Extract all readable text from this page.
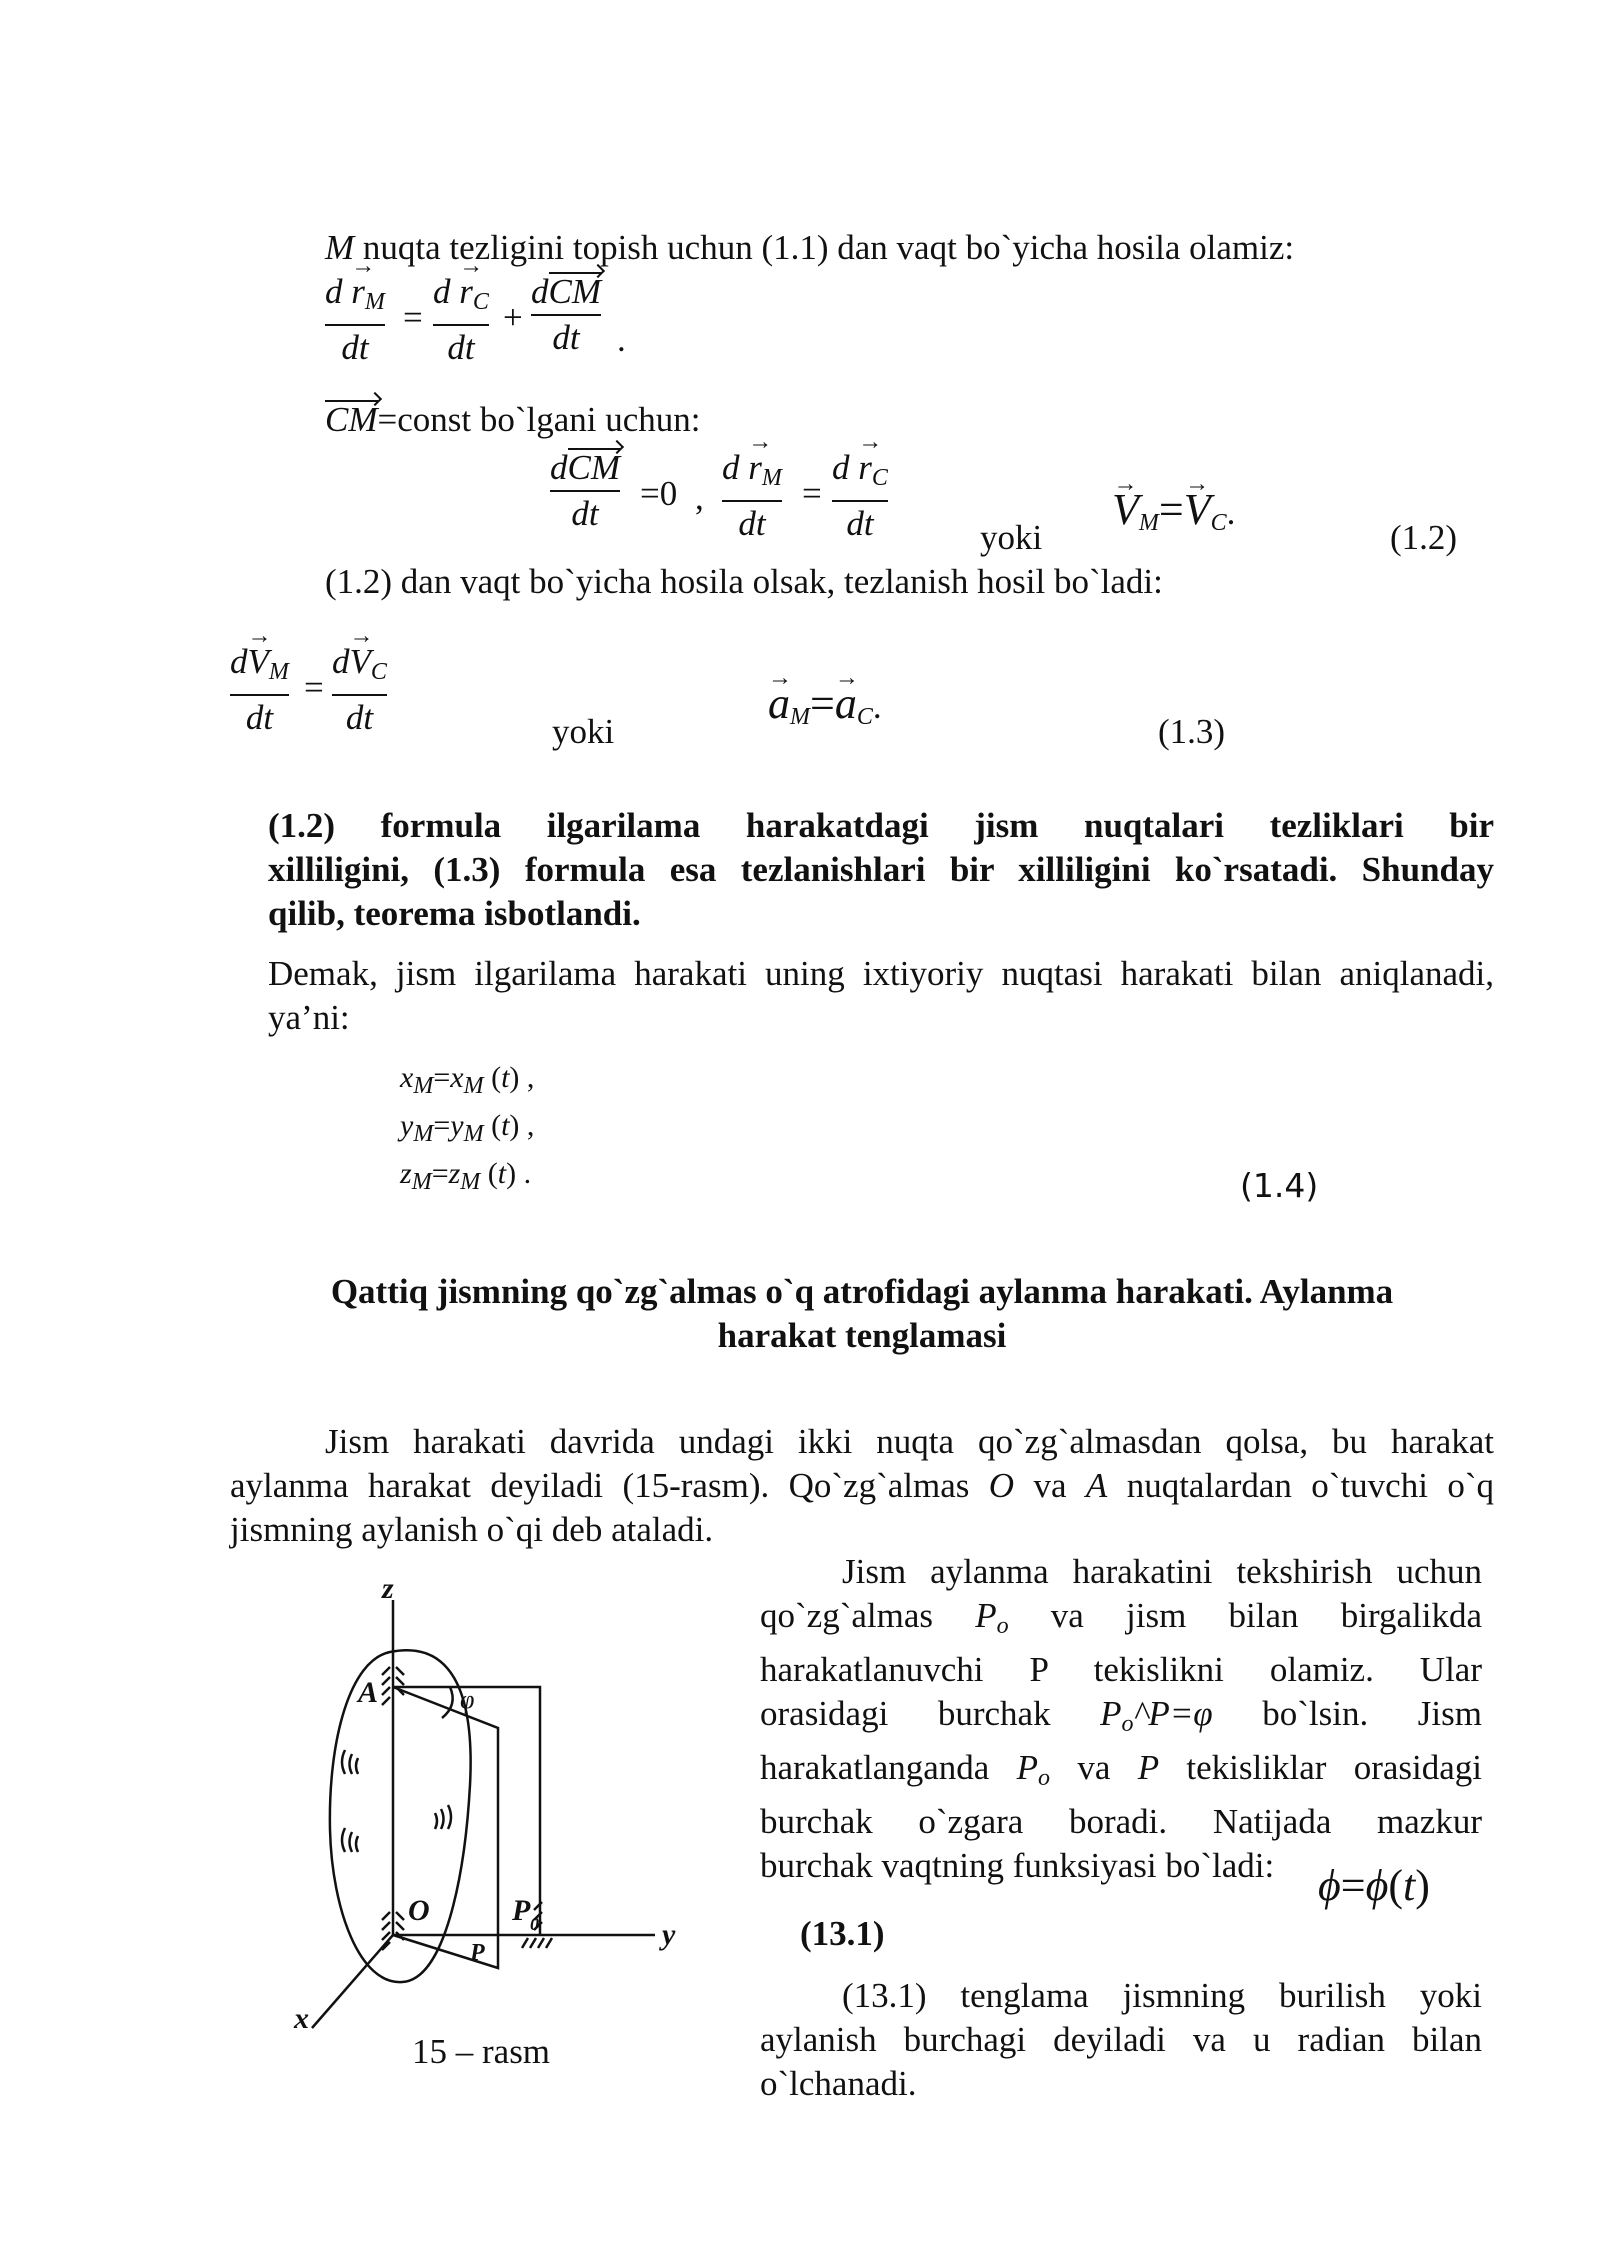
M nuqta tezligini topish uchun (1.1) dan vaqt bo`yicha hosila olamiz:
$d \to r_M$
dt
=
$d \to r_C$
dt
+
dCM
dt .
CM=const bo`lgani uchun:
dCM
dt
=0 ,
$d \to r_M$
dt
=
$d \to r_C$
dt	yoki
→ $V_M=\to V_C$.
(1.2)
(1.2) dan vaqt bo`yicha hosila olsak, tezlanish hosil bo`ladi:
$d\to V_M$
dt
=
$d\to V_C$
dt	yoki
→ $a_M=\to a_C$.
(1.3)
(1.2) formula ilgarilama harakatdagi jism nuqtalari tezliklari bir
xilliligini, (1.3) formula esa tezlanishlari bir xilliligini ko`rsatadi. Shunday
qilib, teorema isbotlandi.
Demak, jism ilgarilama harakati uning ixtiyoriy nuqtasi harakati bilan aniqlanadi,
ya’ni:
$x_M=x_M$ (t) ,
$y_M=y_M$ (t) ,
$z_M=z_M$ (t) .	(1.4)
Qattiq jismning qo`zg`almas o`q atrofidagi aylanma harakati. Aylanma
harakat tenglamasi
Jism harakati davrida undagi ikki nuqta qo`zg`almasdan qolsa, bu harakat
aylanma harakat deyiladi (15-rasm). Qo`zg`almas O va A nuqtalardan o`tuvchi o`q
jismning aylanish o`qi deb ataladi.
Jism aylanma harakatini tekshirish uchun
qo`zg`almas $P_o$ va jism bilan birgalikda
harakatlanuvchi P tekislikni olamiz. Ular
orasidagi burchak $P_o\^{}P=\varphi$ bo`lsin. Jism
harakatlanganda $P_o$ va P tekisliklar orasidagi
burchak o`zgara boradi. Natijada mazkur
burchak vaqtning funksiyasi bo`ladi: ϕ=ϕ(t)
(13.1)
(13.1) tenglama jismning burilish yoki
aylanish burchagi deyiladi va u radian bilan
o`lchanadi.
z
y
x
A
O	P 0
P
φ
15 – rasm
